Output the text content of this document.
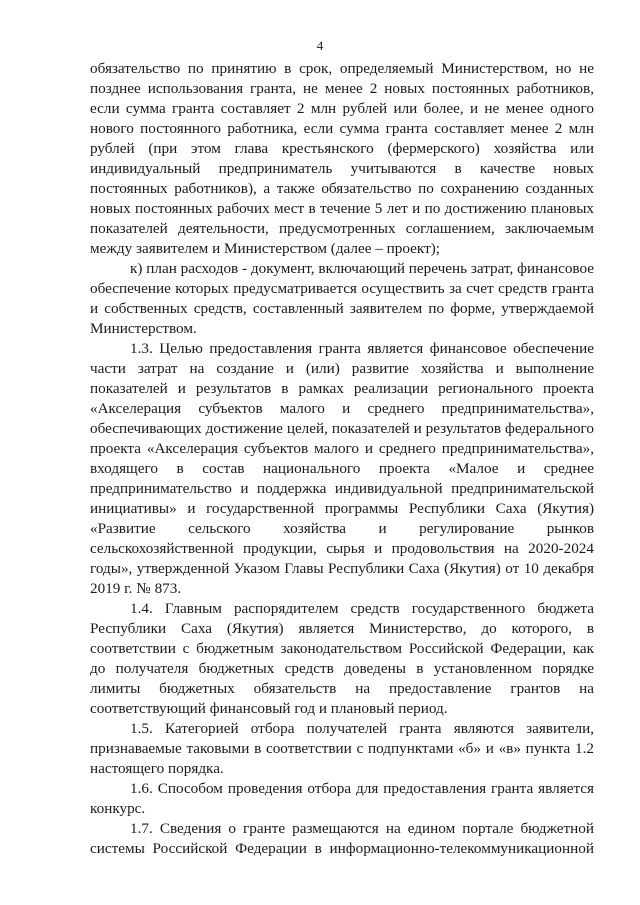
4

обязательство по принятию в срок, определяемый Министерством, но не позднее использования гранта, не менее 2 новых постоянных работников, если сумма гранта составляет 2 млн рублей или более, и не менее одного нового постоянного работника, если сумма гранта составляет менее 2 млн рублей (при этом глава крестьянского (фермерского) хозяйства или индивидуальный предприниматель учитываются в качестве новых постоянных работников), а также обязательство по сохранению созданных новых постоянных рабочих мест в течение 5 лет и по достижению плановых показателей деятельности, предусмотренных соглашением, заключаемым между заявителем и Министерством (далее – проект);

к) план расходов - документ, включающий перечень затрат, финансовое обеспечение которых предусматривается осуществить за счет средств гранта и собственных средств, составленный заявителем по форме, утверждаемой Министерством.

1.3. Целью предоставления гранта является финансовое обеспечение части затрат на создание и (или) развитие хозяйства и выполнение показателей и результатов в рамках реализации регионального проекта «Акселерация субъектов малого и среднего предпринимательства», обеспечивающих достижение целей, показателей и результатов федерального проекта «Акселерация субъектов малого и среднего предпринимательства», входящего в состав национального проекта «Малое и среднее предпринимательство и поддержка индивидуальной предпринимательской инициативы» и государственной программы Республики Саха (Якутия) «Развитие сельского хозяйства и регулирование рынков сельскохозяйственной продукции, сырья и продовольствия на 2020-2024 годы», утвержденной Указом Главы Республики Саха (Якутия) от 10 декабря 2019 г. № 873.

1.4. Главным распорядителем средств государственного бюджета Республики Саха (Якутия) является Министерство, до которого, в соответствии с бюджетным законодательством Российской Федерации, как до получателя бюджетных средств доведены в установленном порядке лимиты бюджетных обязательств на предоставление грантов на соответствующий финансовый год и плановый период.

1.5. Категорией отбора получателей гранта являются заявители, признаваемые таковыми в соответствии с подпунктами «б» и «в» пункта 1.2 настоящего порядка.

1.6. Способом проведения отбора для предоставления гранта является конкурс.

1.7. Сведения о гранте размещаются на едином портале бюджетной системы Российской Федерации в информационно-телекоммуникационной
